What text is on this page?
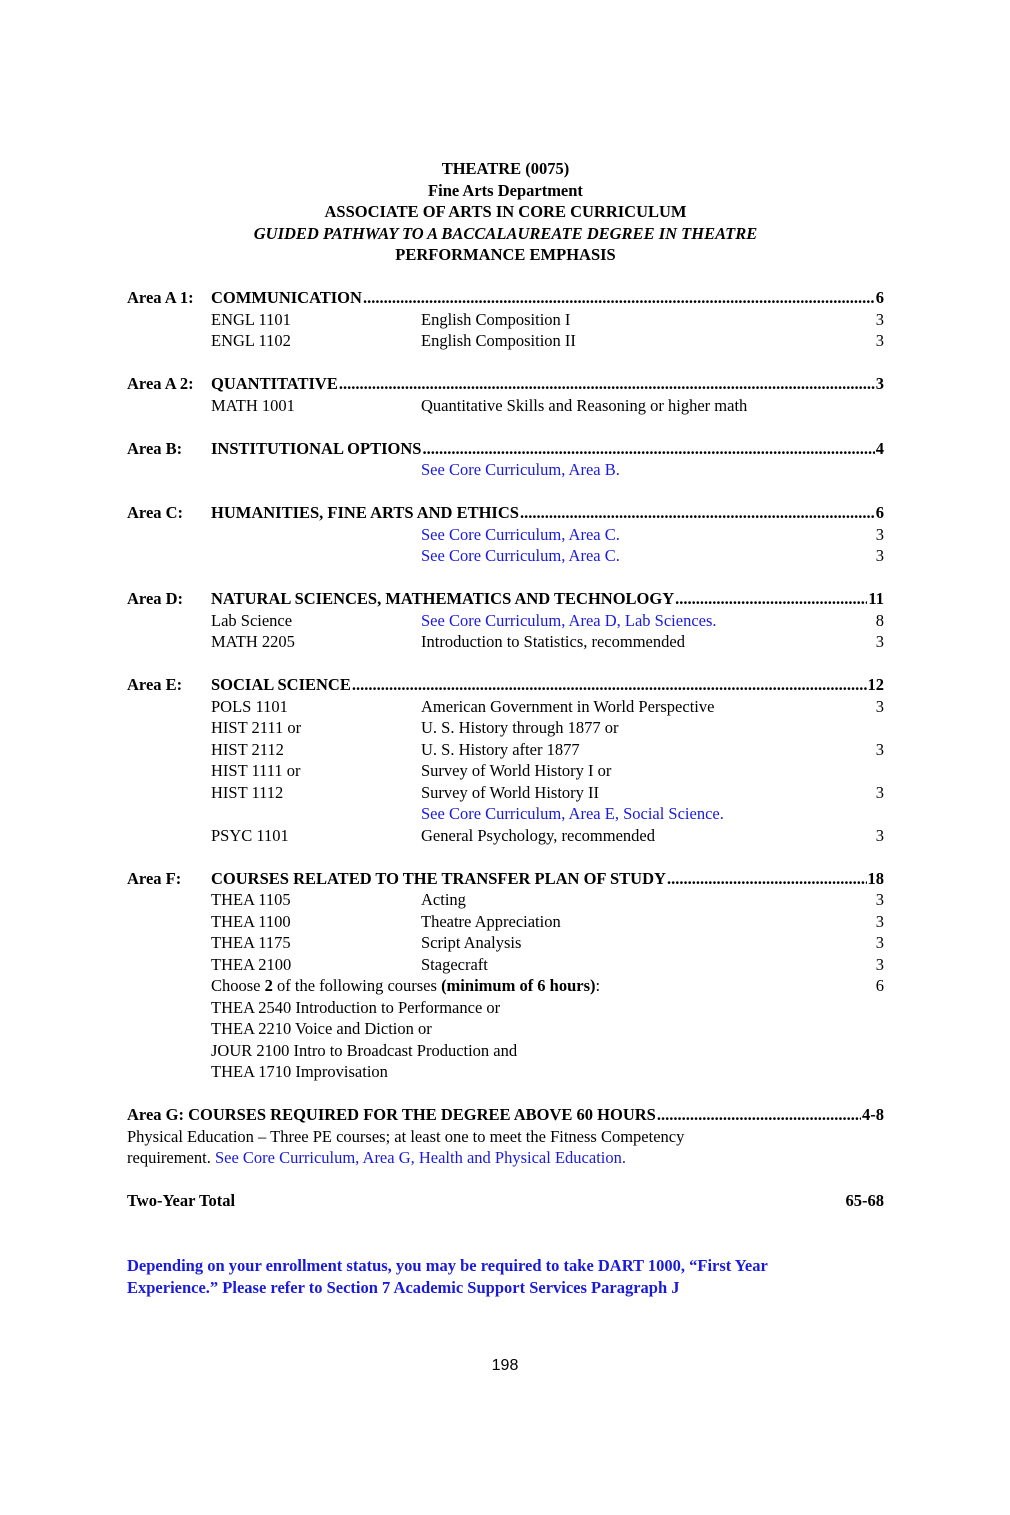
THEATRE (0075)
Fine Arts Department
ASSOCIATE OF ARTS IN CORE CURRICULUM
GUIDED PATHWAY TO A BACCALAUREATE DEGREE IN THEATRE
PERFORMANCE EMPHASIS
Area A 1:	COMMUNICATION .....	6
ENGL 1101	English Composition I	3
ENGL 1102	English Composition II	3
Area A 2:	QUANTITATIVE .....	3
MATH 1001	Quantitative Skills and Reasoning or higher math
Area B:	INSTITUTIONAL OPTIONS .....	4
See Core Curriculum, Area B.
Area C:	HUMANITIES, FINE ARTS AND ETHICS .....	6
See Core Curriculum, Area C.	3
See Core Curriculum, Area C.	3
Area D:	NATURAL SCIENCES, MATHEMATICS AND TECHNOLOGY .....	11
Lab Science	See Core Curriculum, Area D, Lab Sciences.	8
MATH 2205	Introduction to Statistics, recommended	3
Area E:	SOCIAL SCIENCE .....	12
POLS 1101	American Government in World Perspective	3
HIST 2111 or	U. S. History through 1877 or
HIST 2112	U. S. History after 1877	3
HIST 1111 or	Survey of World History I or
HIST 1112	Survey of World History II	3
See Core Curriculum, Area E, Social Science.
PSYC 1101	General Psychology, recommended	3
Area F:	COURSES RELATED TO THE TRANSFER PLAN OF STUDY .....	18
THEA 1105	Acting	3
THEA 1100	Theatre Appreciation	3
THEA 1175	Script Analysis	3
THEA 2100	Stagecraft	3
Choose 2 of the following courses (minimum of 6 hours):	6
THEA 2540 Introduction to Performance or
THEA 2210 Voice and Diction or
JOUR 2100 Intro to Broadcast Production and
THEA 1710 Improvisation
Area G: COURSES REQUIRED FOR THE DEGREE ABOVE 60 HOURS .....	4-8
Physical Education – Three PE courses; at least one to meet the Fitness Competency
requirement. See Core Curriculum, Area G, Health and Physical Education.
Two-Year Total	65-68
Depending on your enrollment status, you may be required to take DART 1000, “First Year
Experience.” Please refer to Section 7 Academic Support Services Paragraph J
198
